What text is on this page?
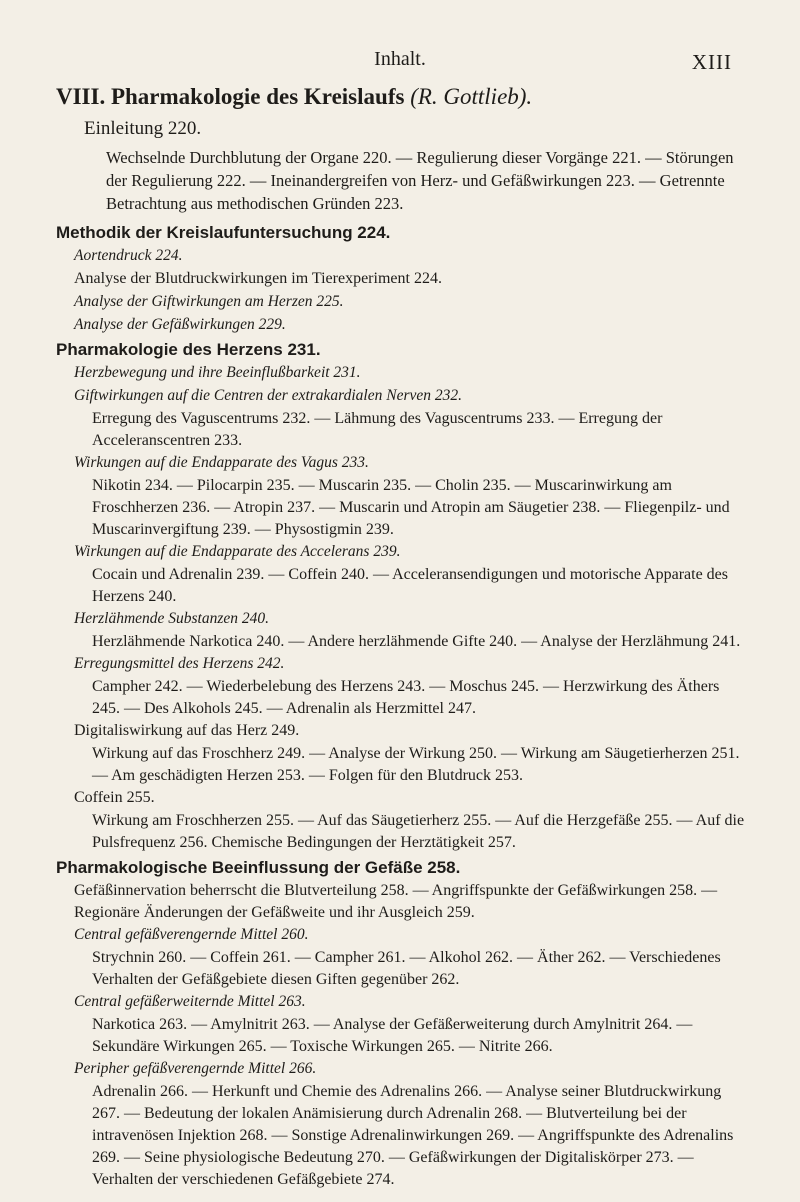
Inhalt.	XIII
VIII. Pharmakologie des Kreislaufs (R. Gottlieb).
Einleitung 220.
Wechselnde Durchblutung der Organe 220. — Regulierung dieser Vorgänge 221. — Störungen der Regulierung 222. — Ineinandergreifen von Herz- und Gefäßwirkungen 223. — Getrennte Betrachtung aus methodischen Gründen 223.
Methodik der Kreislaufuntersuchung 224.
Aortendruck 224.
Analyse der Blutdruckwirkungen im Tierexperiment 224.
Analyse der Giftwirkungen am Herzen 225.
Analyse der Gefäßwirkungen 229.
Pharmakologie des Herzens 231.
Herzbewegung und ihre Beeinflußbarkeit 231.
Giftwirkungen auf die Centren der extrakardialen Nerven 232.
Erregung des Vaguscentrums 232. — Lähmung des Vaguscentrums 233. — Erregung der Acceleranscentren 233.
Wirkungen auf die Endapparate des Vagus 233.
Nikotin 234. — Pilocarpin 235. — Muscarin 235. — Cholin 235. — Muscarinwirkung am Froschherzen 236. — Atropin 237. — Muscarin und Atropin am Säugetier 238. — Fliegenpilz- und Muscarinvergiftung 239. — Physostigmin 239.
Wirkungen auf die Endapparate des Accelerans 239.
Cocain und Adrenalin 239. — Coffein 240. — Acceleransendigungen und motorische Apparate des Herzens 240.
Herzlähmende Substanzen 240.
Herzlähmende Narkotica 240. — Andere herzlähmende Gifte 240. — Analyse der Herzlähmung 241.
Erregungsmittel des Herzens 242.
Campher 242. — Wiederbelebung des Herzens 243. — Moschus 245. — Herzwirkung des Äthers 245. — Des Alkohols 245. — Adrenalin als Herzmittel 247.
Digitaliswirkung auf das Herz 249.
Wirkung auf das Froschherz 249. — Analyse der Wirkung 250. — Wirkung am Säugetierherzen 251. — Am geschädigten Herzen 253. — Folgen für den Blutdruck 253.
Coffein 255.
Wirkung am Froschherzen 255. — Auf das Säugetierherz 255. — Auf die Herzgefäße 255. — Auf die Pulsfrequenz 256. Chemische Bedingungen der Herztätigkeit 257.
Pharmakologische Beeinflussung der Gefäße 258.
Gefäßinnervation beherrscht die Blutverteilung 258. — Angriffspunkte der Gefäßwirkungen 258. — Regionäre Änderungen der Gefäßweite und ihr Ausgleich 259.
Central gefäßverengernde Mittel 260.
Strychnin 260. — Coffein 261. — Campher 261. — Alkohol 262. — Äther 262. — Verschiedenes Verhalten der Gefäßgebiete diesen Giften gegenüber 262.
Central gefäßerweiternde Mittel 263.
Narkotica 263. — Amylnitrit 263. — Analyse der Gefäßerweiterung durch Amylnitrit 264. — Sekundäre Wirkungen 265. — Toxische Wirkungen 265. — Nitrite 266.
Peripher gefäßverengernde Mittel 266.
Adrenalin 266. — Herkunft und Chemie des Adrenalins 266. — Analyse seiner Blutdruckwirkung 267. — Bedeutung der lokalen Anämisierung durch Adrenalin 268. — Blutverteilung bei der intravenösen Injektion 268. — Sonstige Adrenalinwirkungen 269. — Angriffspunkte des Adrenalins 269. — Seine physiologische Bedeutung 270. — Gefäßwirkungen der Digitaliskörper 273. — Verhalten der verschiedenen Gefäßgebiete 274.
